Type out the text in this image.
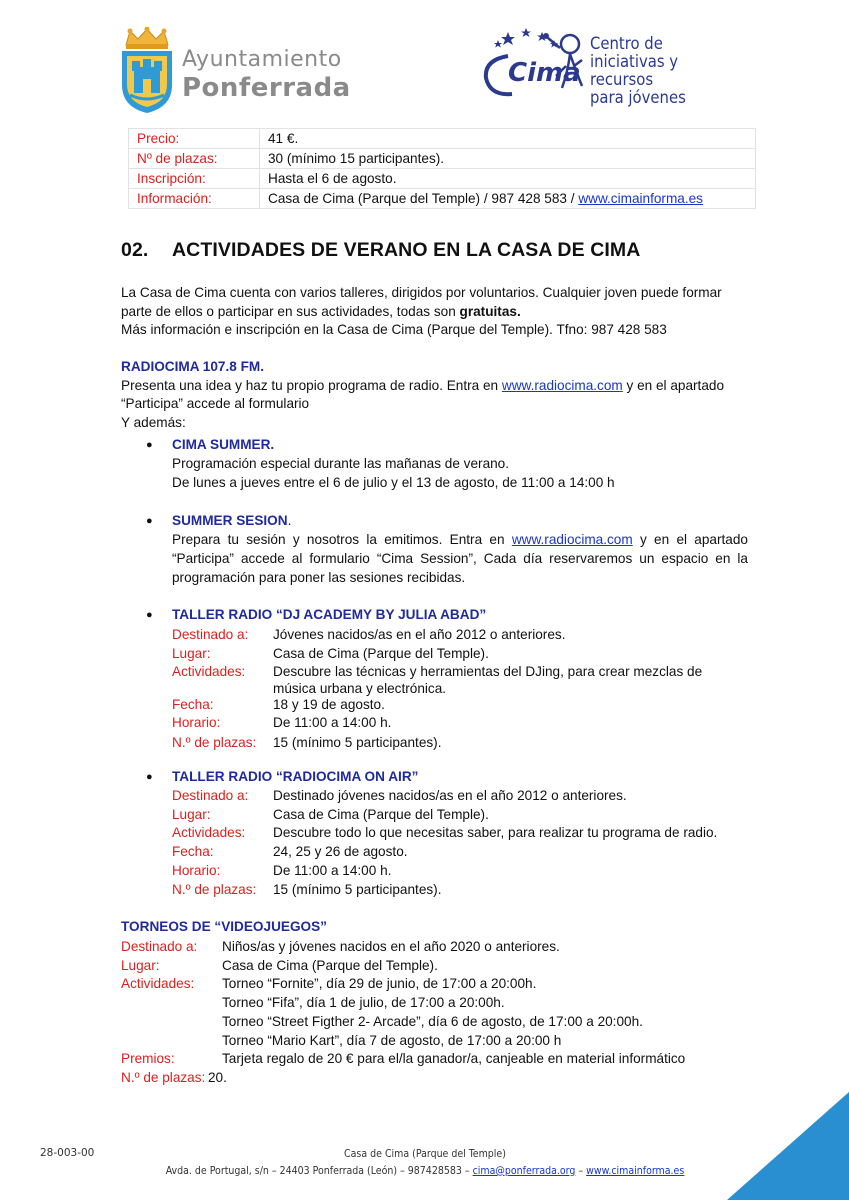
Ayuntamiento
Ponferrada	Cima
Centro de
iniciativas y recursos
para jóvenes
Precio:	41 €.
Nº de plazas:	30 (mínimo 15 participantes).
Inscripción:	Hasta el 6 de agosto.
Información:	Casa de Cima (Parque del Temple) / 987 428 583 / www.cimainforma.es
02. ACTIVIDADES DE VERANO EN LA CASA DE CIMA
La Casa de Cima cuenta con varios talleres, dirigidos por voluntarios. Cualquier joven puede formar
parte de ellos o participar en sus actividades, todas son gratuitas.
Más información e inscripción en la Casa de Cima (Parque del Temple). Tfno: 987 428 583
RADIOCIMA 107.8 FM.
Presenta una idea y haz tu propio programa de radio. Entra en www.radiocima.com y en el apartado
“Participa” accede al formulario
Y además:
● CIMA SUMMER.
Programación especial durante las mañanas de verano.
De lunes a jueves entre el 6 de julio y el 13 de agosto, de 11:00 a 14:00 h
● SUMMER SESION.
Prepara tu sesión y nosotros la emitimos. Entra en www.radiocima.com y en el apartado
“Participa” accede al formulario “Cima Session”, Cada día reservaremos un espacio en la
programación para poner las sesiones recibidas.
● TALLER RADIO “DJ ACADEMY BY JULIA ABAD”
Destinado a:	Jóvenes nacidos/as en el año 2012 o anteriores.
Lugar:	Casa de Cima (Parque del Temple).
Actividades:	Descubre las técnicas y herramientas del DJing, para crear mezclas de música urbana y electrónica.
Fecha:	18 y 19 de agosto.
Horario:	De 11:00 a 14:00 h.
N.º de plazas:	15 (mínimo 5 participantes).
● TALLER RADIO “RADIOCIMA ON AIR”
Destinado a:	Destinado jóvenes nacidos/as en el año 2012 o anteriores.
Lugar:	Casa de Cima (Parque del Temple).
Actividades:	Descubre todo lo que necesitas saber, para realizar tu programa de radio.
Fecha:	24, 25 y 26 de agosto.
Horario:	De 11:00 a 14:00 h.
N.º de plazas:	15 (mínimo 5 participantes).
TORNEOS DE “VIDEOJUEGOS”
Destinado a:	Niños/as y jóvenes nacidos en el año 2020 o anteriores.
Lugar:	Casa de Cima (Parque del Temple).
Actividades:	Torneo “Fornite”, día 29 de junio, de 17:00 a 20:00h.
Torneo “Fifa”, día 1 de julio, de 17:00 a 20:00h.
Torneo “Street Figther 2- Arcade”, día 6 de agosto, de 17:00 a 20:00h.
Torneo “Mario Kart”, día 7 de agosto, de 17:00 a 20:00 h
Premios:	Tarjeta regalo de 20 € para el/la ganador/a, canjeable en material informático
N.º de plazas: 20.
28-003-00	Casa de Cima (Parque del Temple)
Avda. de Portugal, s/n – 24403 Ponferrada (León) – 987428583 – cima@ponferrada.org – www.cimainforma.es
